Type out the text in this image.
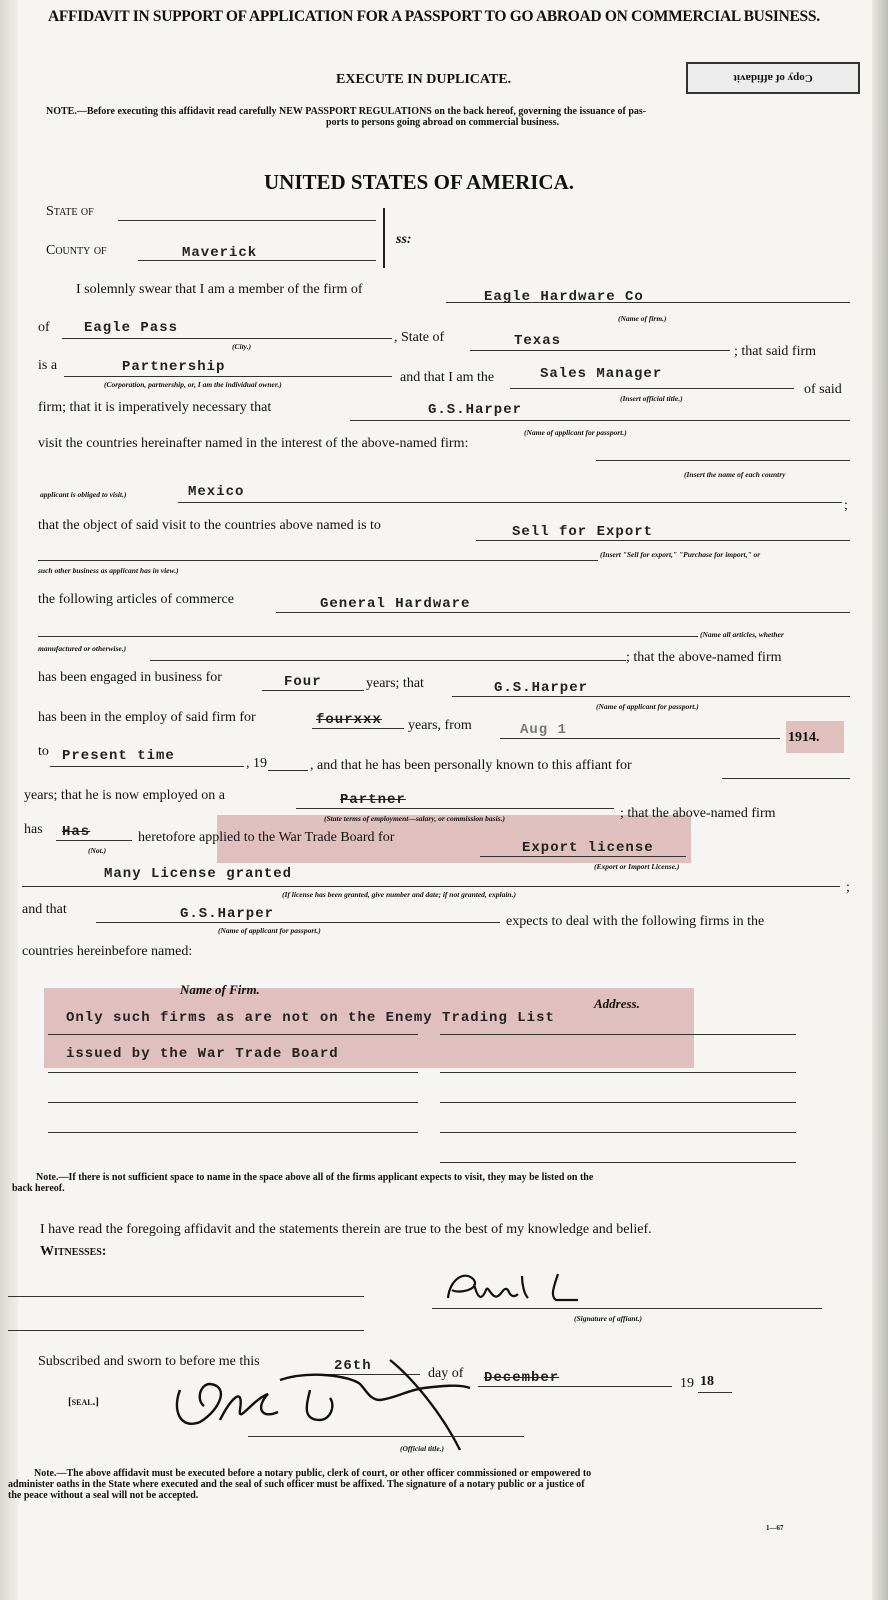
AFFIDAVIT IN SUPPORT OF APPLICATION FOR A PASSPORT TO GO ABROAD ON COMMERCIAL BUSINESS.
Copy of affidavit
EXECUTE IN DUPLICATE.
NOTE.—Before executing this affidavit read carefully NEW PASSPORT REGULATIONS on the back hereof, governing the issuance of pas-
ports to persons going abroad on commercial business.
UNITED STATES OF AMERICA.
State of
County of	Maverick
ss:
I solemnly swear that I am a member of the firm of	Eagle Hardware Co
(Name of firm.)
of Eagle Pass
(City.)
, State of	Texas
; that said firm
is a	Partnership
(Corporation, partnership, or, I am the individual owner.)	and that I am the	Sales Manager
(Insert official title.)
of said
firm; that it is imperatively necessary that	G.S.Harper
(Name of applicant for passport.)
visit the countries hereinafter named in the interest of the above-named firm:
(Insert the name of each country
applicant is obliged to visit.)	Mexico
;
that the object of said visit to the countries above named is to	Sell for Export
(Insert "Sell for export," "Purchase for import," or
such other business as applicant has in view.)
the following articles of commerce	General Hardware
(Name all articles, whether
manufactured or otherwise.)
; that the above-named firm
has been engaged in business for	Four	years; that	G.S.Harper
(Name of applicant for passport.)
has been in the employ of said firm for	fourxxx years, from	Aug 1	1914.
to Present time	, 19	, and that he has been personally known to this affiant for
years; that he is now employed on a	Partner
(State terms of employment—salary, or commission basis.)	; that the above-named firm
has Has
(Not.)
heretofore applied to the War Trade Board for
Export license
(Export or Import License.)
Many License granted
(If license has been granted, give number and date; if not granted, explain.)	;
and that	G.S.Harper
(Name of applicant for passport.)
expects to deal with the following firms in the
countries hereinbefore named:
Name of Firm.
Address.
Only such firms as are not on the Enemy Trading List
issued by the War Trade Board
Note.—If there is not sufficient space to name in the space above all of the firms applicant expects to visit, they may be listed on the
back hereof.
I have read the foregoing affidavit and the statements therein are true to the best of my knowledge and belief.
Witnesses:
(Signature of affiant.)
Subscribed and sworn to before me this	26th	day of December	19 18
[seal.]
(Official title.)
Note.—The above affidavit must be executed before a notary public, clerk of court, or other officer commissioned or empowered to
administer oaths in the State where executed and the seal of such officer must be affixed. The signature of a notary public or a justice of
the peace without a seal will not be accepted.
1—67
